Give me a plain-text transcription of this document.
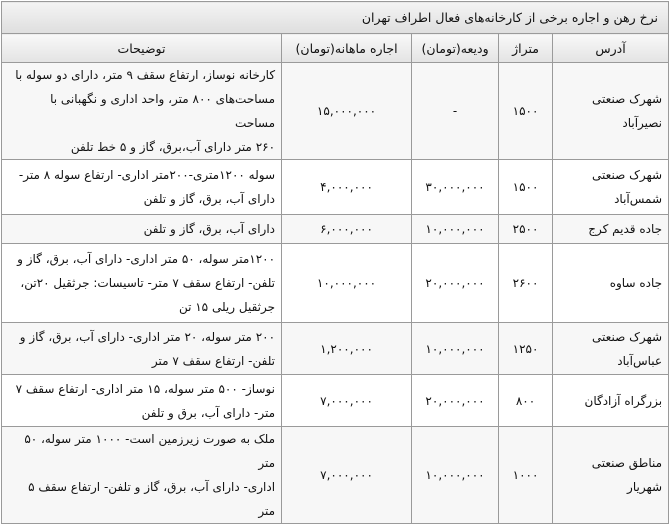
نرخ رهن و اجاره برخی از کارخانه‌های فعال اطراف تهران				
آدرس	متراژ	ودیعه(تومان)	اجاره ماهانه(تومان)	توضیحات
شهرک صنعتی
نصیرآباد	۱۵۰۰	-	۱۵,۰۰۰,۰۰۰	کارخانه نوساز، ارتفاع سقف ۹ متر، دارای دو سوله با
مساحت‌های ۸۰۰ متر، واحد اداری و نگهبانی با مساحت
۲۶۰ متر دارای آب،برق، گاز و ۵ خط تلفن
شهرک صنعتی
شمس‌آباد	۱۵۰۰	۳۰,۰۰۰,۰۰۰	۴,۰۰۰,۰۰۰	سوله ۱۲۰۰متری-۲۰۰متر اداری- ارتفاع سوله ۸ متر-
دارای آب، برق، گاز و تلفن
جاده قدیم کرج	۲۵۰۰	۱۰,۰۰۰,۰۰۰	۶,۰۰۰,۰۰۰	دارای آب، برق، گاز و تلفن
جاده ساوه	۲۶۰۰	۲۰,۰۰۰,۰۰۰	۱۰,۰۰۰,۰۰۰	۱۲۰۰متر سوله، ۵۰ متر اداری- دارای آب، برق، گاز و
تلفن- ارتفاع سقف ۷ متر- تاسیسات: جرثقیل ۲۰تن،
جرثقیل ریلی ۱۵ تن
شهرک صنعتی
عباس‌آباد	۱۲۵۰	۱۰,۰۰۰,۰۰۰	۱,۲۰۰,۰۰۰	۲۰۰ متر سوله، ۲۰ متر اداری- دارای آب، برق، گاز و
تلفن- ارتفاع سقف ۷ متر
بزرگراه آزادگان	۸۰۰	۲۰,۰۰۰,۰۰۰	۷,۰۰۰,۰۰۰	نوساز- ۵۰۰ متر سوله، ۱۵ متر اداری- ارتفاع سقف ۷
متر- دارای آب، برق و تلفن
مناطق صنعتی شهریار	۱۰۰۰	۱۰,۰۰۰,۰۰۰	۷,۰۰۰,۰۰۰	ملک به صورت زیرزمین است- ۱۰۰۰ متر سوله، ۵۰ متر
اداری- دارای آب، برق، گاز و تلفن- ارتفاع سقف ۵ متر
